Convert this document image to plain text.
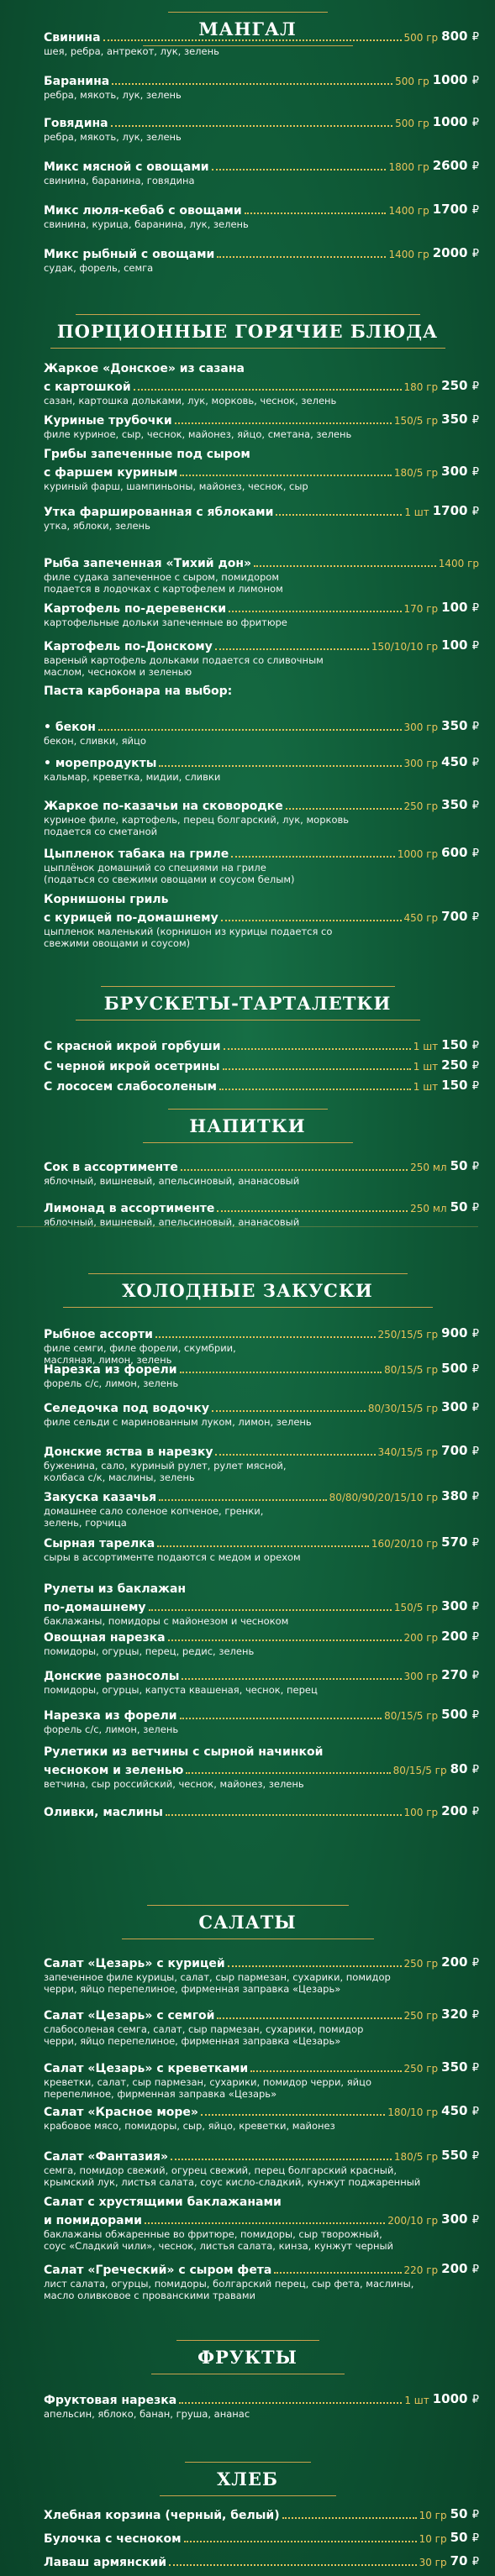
МАНГАЛ
Свинина	500 гр 800 ₽
шея, ребра, антрекот, лук, зелень
Баранина	500 гр 1000 ₽
ребра, мякоть, лук, зелень
Говядина	500 гр 1000 ₽
ребра, мякоть, лук, зелень
Микс мясной с овощами	1800 гр 2600 ₽
свинина, баранина, говядина
Микс люля-кебаб с овощами	1400 гр 1700 ₽
свинина, курица, баранина, лук, зелень
Микс рыбный с овощами	1400 гр 2000 ₽
судак, форель, семга
ПОРЦИОННЫЕ ГОРЯЧИЕ БЛЮДА
Жаркое «Донское» из сазана
с картошкой	180 гр 250 ₽
сазан, картошка дольками, лук, морковь, чеснок, зелень
Куриные трубочки	150/5 гр 350 ₽
филе куриное, сыр, чеснок, майонез, яйцо, сметана, зелень
Грибы запеченные под сыром
с фаршем куриным	180/5 гр 300 ₽
куриный фарш, шампиньоны, майонез, чеснок, сыр
Утка фаршированная с яблоками	1 шт 1700 ₽
утка, яблоки, зелень
Рыба запеченная «Тихий дон»	1400 гр
филе судака запеченное с сыром, помидором
подается в лодочках с картофелем и лимоном
Картофель по-деревенски	170 гр 100 ₽
картофельные дольки запеченные во фритюре
Картофель по-Донскому	150/10/10 гр 100 ₽
вареный картофель дольками подается со сливочным
маслом, чесноком и зеленью
Паста карбонара на выбор:
• бекон	300 гр 350 ₽
бекон, сливки, яйцо
• морепродукты	300 гр 450 ₽
кальмар, креветка, мидии, сливки
Жаркое по-казачьи на сковородке	250 гр 350 ₽
куриное филе, картофель, перец болгарский, лук, морковь
подается со сметаной
Цыпленок табака на гриле	1000 гр 600 ₽
цыплёнок домашний со специями на гриле
(податься со свежими овощами и соусом белым)
Корнишоны гриль
с курицей по-домашнему	450 гр 700 ₽
цыпленок маленький (корнишон из курицы подается со
свежими овощами и соусом)
БРУСКЕТЫ-ТАРТАЛЕТКИ
С красной икрой горбуши	1 шт 150 ₽
С черной икрой осетрины	1 шт 250 ₽
С лососем слабосоленым	1 шт 150 ₽
НАПИТКИ
Сок в ассортименте	250 мл 50 ₽
яблочный, вишневый, апельсиновый, ананасовый
Лимонад в ассортименте	250 мл 50 ₽
яблочный, вишневый, апельсиновый, ананасовый
ХОЛОДНЫЕ ЗАКУСКИ
Рыбное ассорти	250/15/5 гр 900 ₽
филе семги, филе форели, скумбрии,
масляная, лимон, зелень
Нарезка из форели	80/15/5 гр 500 ₽
форель с/с, лимон, зелень
Селедочка под водочку	80/30/15/5 гр 300 ₽
филе сельди с маринованным луком, лимон, зелень
Донские яства в нарезку	340/15/5 гр 700 ₽
буженина, сало, куриный рулет, рулет мясной,
колбаса с/к, маслины, зелень
Закуска казачья	80/80/90/20/15/10 гр 380 ₽
домашнее сало соленое копченое, гренки,
зелень, горчица
Сырная тарелка	160/20/10 гр 570 ₽
сыры в ассортименте подаются с медом и орехом
Рулеты из баклажан
по-домашнему	150/5 гр 300 ₽
баклажаны, помидоры с майонезом и чесноком
Овощная нарезка	200 гр 200 ₽
помидоры, огурцы, перец, редис, зелень
Донские разносолы	300 гр 270 ₽
помидоры, огурцы, капуста квашеная, чеснок, перец
Нарезка из форели	80/15/5 гр 500 ₽
форель с/с, лимон, зелень
Рулетики из ветчины с сырной начинкой
чесноком и зеленью	80/15/5 гр 80 ₽
ветчина, сыр российский, чеснок, майонез, зелень
Оливки, маслины	100 гр 200 ₽
САЛАТЫ
Салат «Цезарь» с курицей	250 гр 200 ₽
запеченное филе курицы, салат, сыр пармезан, сухарики, помидор
черри, яйцо перепелиное, фирменная заправка «Цезарь»
Салат «Цезарь» с семгой	250 гр 320 ₽
слабосоленая семга, салат, сыр пармезан, сухарики, помидор
черри, яйцо перепелиное, фирменная заправка «Цезарь»
Салат «Цезарь» с креветками	250 гр 350 ₽
креветки, салат, сыр пармезан, сухарики, помидор черри, яйцо
перепелиное, фирменная заправка «Цезарь»
Салат «Красное море»	180/10 гр 450 ₽
крабовое мясо, помидоры, сыр, яйцо, креветки, майонез
Салат «Фантазия»	180/5 гр 550 ₽
семга, помидор свежий, огурец свежий, перец болгарский красный,
крымский лук, листья салата, соус кисло-сладкий, кунжут поджаренный
Салат с хрустящими баклажанами
и помидорами	200/10 гр 300 ₽
баклажаны обжаренные во фритюре, помидоры, сыр творожный,
соус «Сладкий чили», чеснок, листья салата, кинза, кунжут черный
Салат «Греческий» с сыром фета	220 гр 200 ₽
лист салата, огурцы, помидоры, болгарский перец, сыр фета, маслины,
масло оливковое с прованскими травами
ФРУКТЫ
Фруктовая нарезка	1 шт 1000 ₽
апельсин, яблоко, банан, груша, ананас
ХЛЕБ
Хлебная корзина (черный, белый)	10 гр 50 ₽
Булочка с чесноком	10 гр 50 ₽
Лаваш армянский	30 гр 70 ₽
